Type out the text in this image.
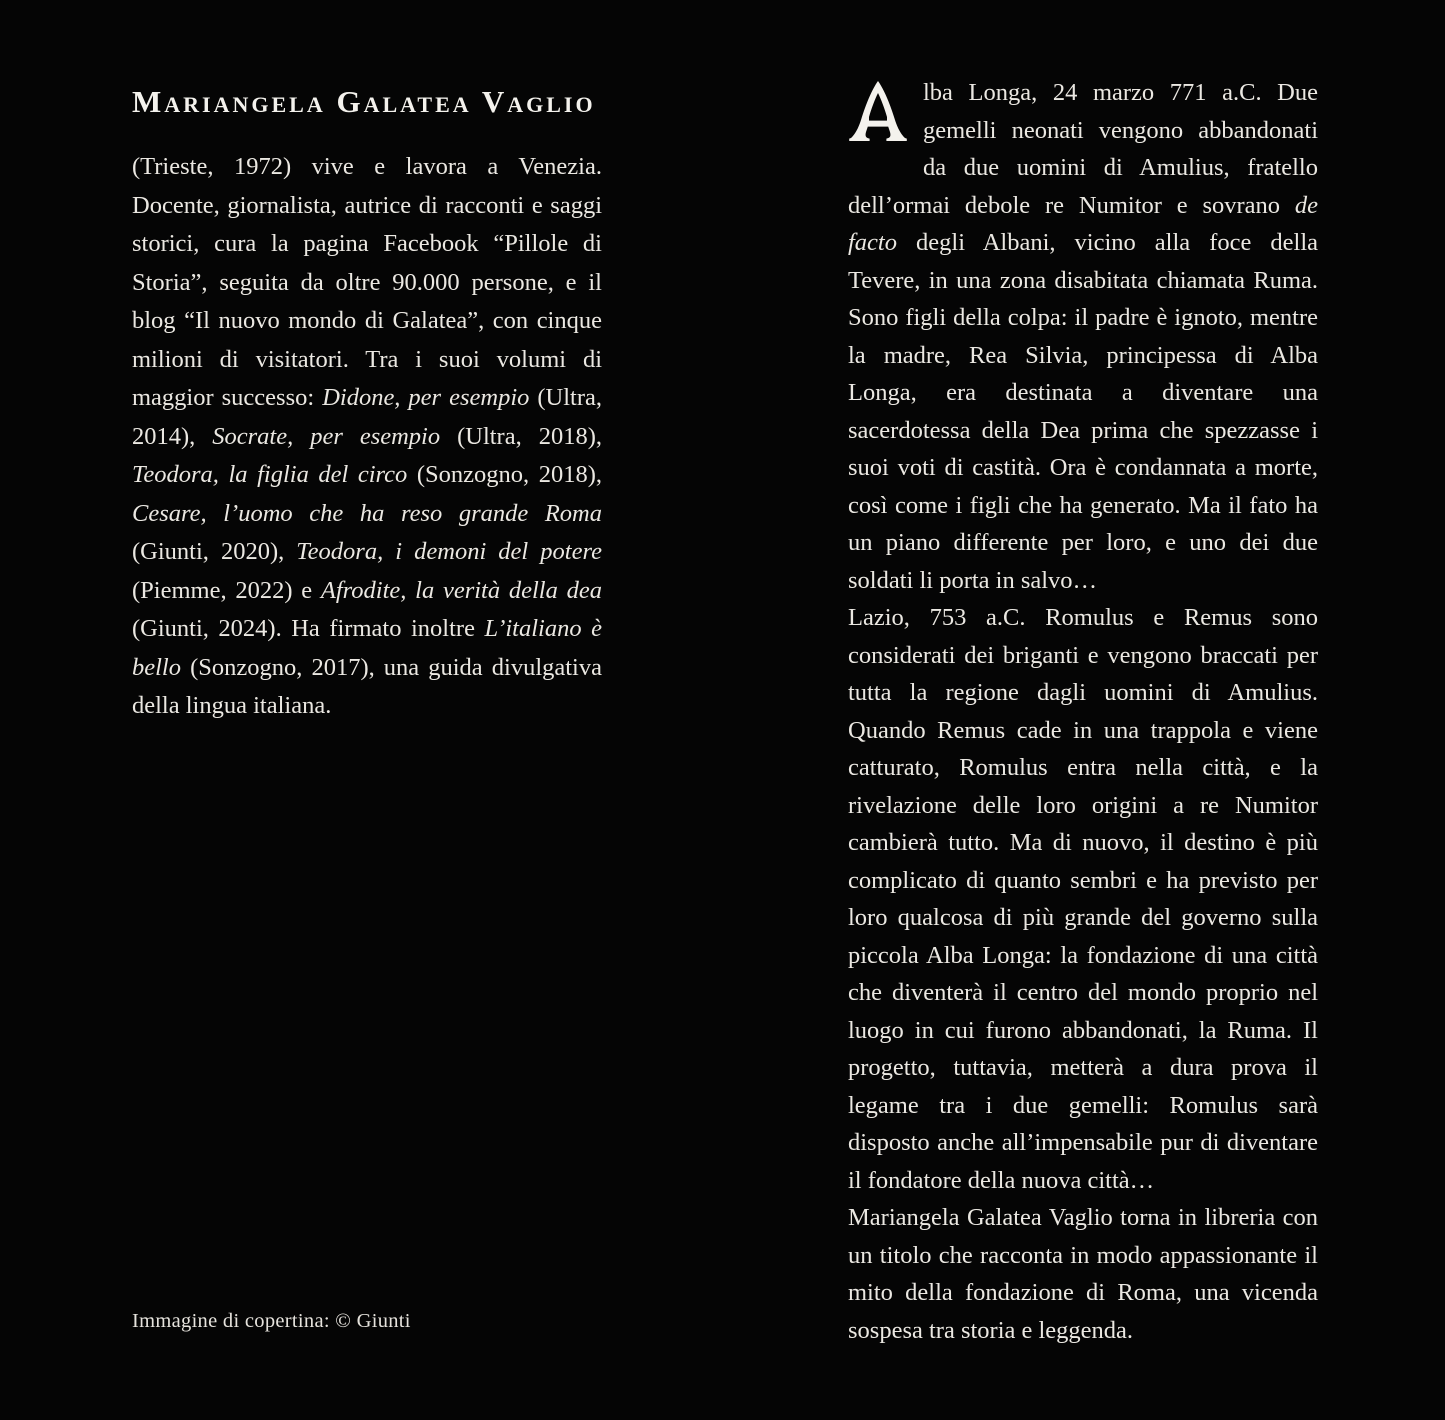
Mariangela Galatea Vaglio
(Trieste, 1972) vive e lavora a Venezia. Docente, giornalista, autrice di racconti e saggi storici, cura la pagina Facebook “Pillole di Storia”, seguita da oltre 90.000 persone, e il blog “Il nuovo mondo di Galatea”, con cinque milioni di visitatori. Tra i suoi volumi di maggior successo: Didone, per esempio (Ultra, 2014), Socrate, per esempio (Ultra, 2018), Teodora, la figlia del circo (Sonzogno, 2018), Cesare, l’uomo che ha reso grande Roma (Giunti, 2020), Teodora, i demoni del potere (Piemme, 2022) e Afrodite, la verità della dea (Giunti, 2024). Ha firmato inoltre L’italiano è bello (Sonzogno, 2017), una guida divulgativa della lingua italiana.
Immagine di copertina: © Giunti

lba Longa, 24 marzo 771 a.C. Due gemelli neonati vengono abbandonati da due uomini di Amulius, fratello dell’ormai debole re Numitor e sovrano de facto degli Albani, vicino alla foce della Tevere, in una zona disabitata chiamata Ruma. Sono figli della colpa: il padre è ignoto, mentre la madre, Rea Silvia, principessa di Alba Longa, era destinata a diventare una sacerdotessa della Dea prima che spezzasse i suoi voti di castità. Ora è condannata a morte, così come i figli che ha generato. Ma il fato ha un piano differente per loro, e uno dei due soldati li porta in salvo…

Lazio, 753 a.C. Romulus e Remus sono considerati dei briganti e vengono braccati per tutta la regione dagli uomini di Amulius. Quando Remus cade in una trappola e viene catturato, Romulus entra nella città, e la rivelazione delle loro origini a re Numitor cambierà tutto. Ma di nuovo, il destino è più complicato di quanto sembri e ha previsto per loro qualcosa di più grande del governo sulla piccola Alba Longa: la fondazione di una città che diventerà il centro del mondo proprio nel luogo in cui furono abbandonati, la Ruma. Il progetto, tuttavia, metterà a dura prova il legame tra i due gemelli: Romulus sarà disposto anche all’impensabile pur di diventare il fondatore della nuova città…

Mariangela Galatea Vaglio torna in libreria con un titolo che racconta in modo appassionante il mito della fondazione di Roma, una vicenda sospesa tra storia e leggenda.
